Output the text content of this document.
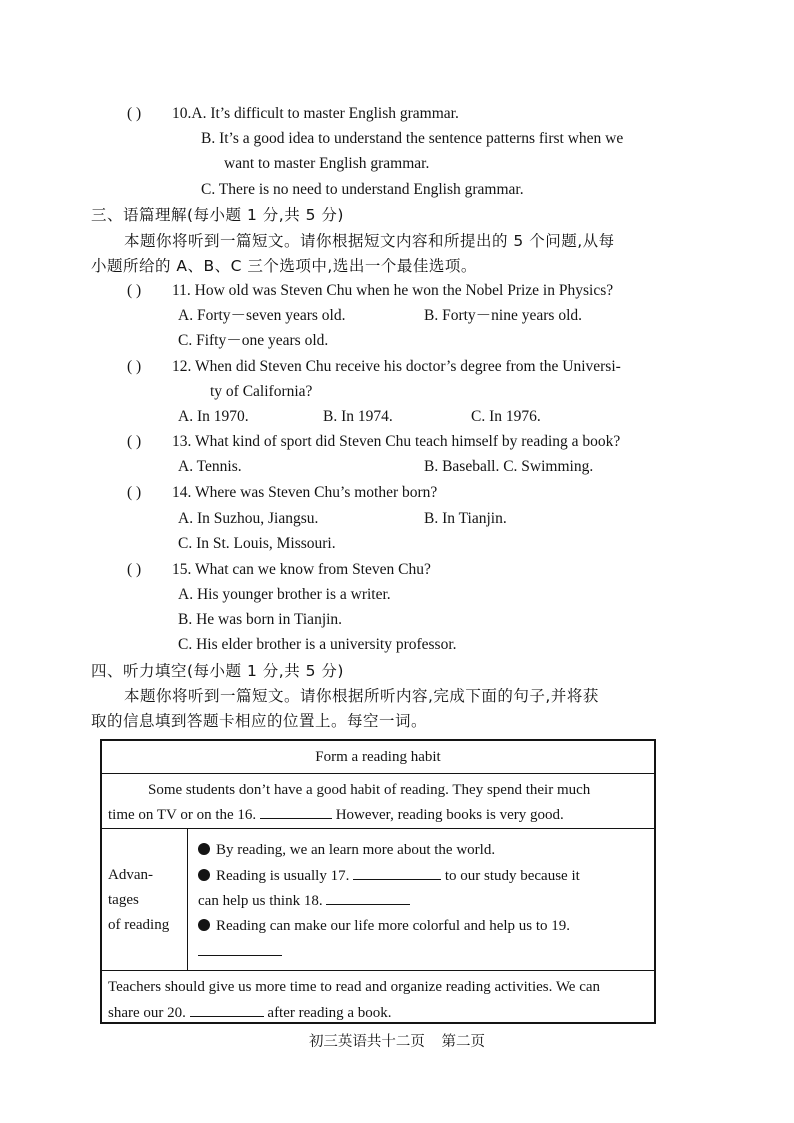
( ) 10.A. It’s difficult to master English grammar.
B. It’s a good idea to understand the sentence patterns first when we
want to master English grammar.
C. There is no need to understand English grammar.
三、语篇理解(每小题 1 分,共 5 分)
本题你将听到一篇短文。请你根据短文内容和所提出的 5 个问题,从每
小题所给的 A、B、C 三个选项中,选出一个最佳选项。
( ) 11. How old was Steven Chu when he won the Nobel Prize in Physics?
A. Forty－seven years old.	B. Forty－nine years old.
C. Fifty－one years old.
( ) 12. When did Steven Chu receive his doctor’s degree from the Universi-
ty of California?
A. In 1970.	B. In 1974.	C. In 1976.
( ) 13. What kind of sport did Steven Chu teach himself by reading a book?
A. Tennis.	B. Baseball. C. Swimming.
( ) 14. Where was Steven Chu’s mother born?
A. In Suzhou, Jiangsu.	B. In Tianjin.
C. In St. Louis, Missouri.
( ) 15. What can we know from Steven Chu?
A. His younger brother is a writer.
B. He was born in Tianjin.
C. His elder brother is a university professor.
四、听力填空(每小题 1 分,共 5 分)
本题你将听到一篇短文。请你根据所听内容,完成下面的句子,并将获
取的信息填到答题卡相应的位置上。每空一词。
Form a reading habit
Some students don’t have a good habit of reading. They spend their much
time on TV or on the 16.	However, reading books is very good.
Advan-
tages
of reading
By reading, we an learn more about the world.
Reading is usually 17.	to our study because it
can help us think 18.
Reading can make our life more colorful and help us to 19.
Teachers should give us more time to read and organize reading activities. We can
share our 20.	after reading a book.
初三英语共十二页 第二页
